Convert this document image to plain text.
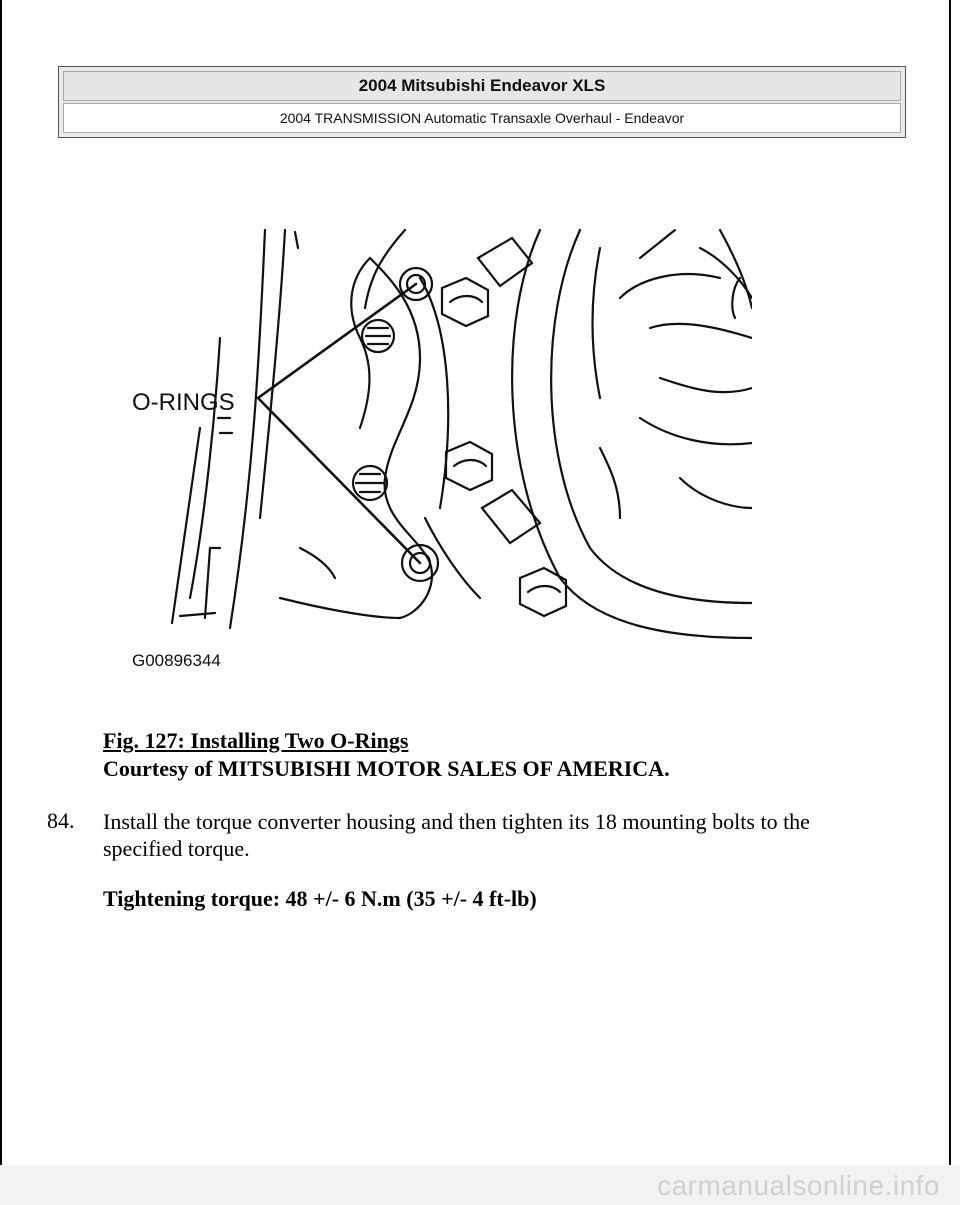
2004 Mitsubishi Endeavor XLS
2004 TRANSMISSION Automatic Transaxle Overhaul - Endeavor
O-RINGS
G00896344
Fig. 127: Installing Two O-Rings
Courtesy of MITSUBISHI MOTOR SALES OF AMERICA.
84. Install the torque converter housing and then tighten its 18 mounting bolts to the specified torque.
Tightening torque: 48 +/- 6 N.m (35 +/- 4 ft-lb)
carmanualsonline.info
